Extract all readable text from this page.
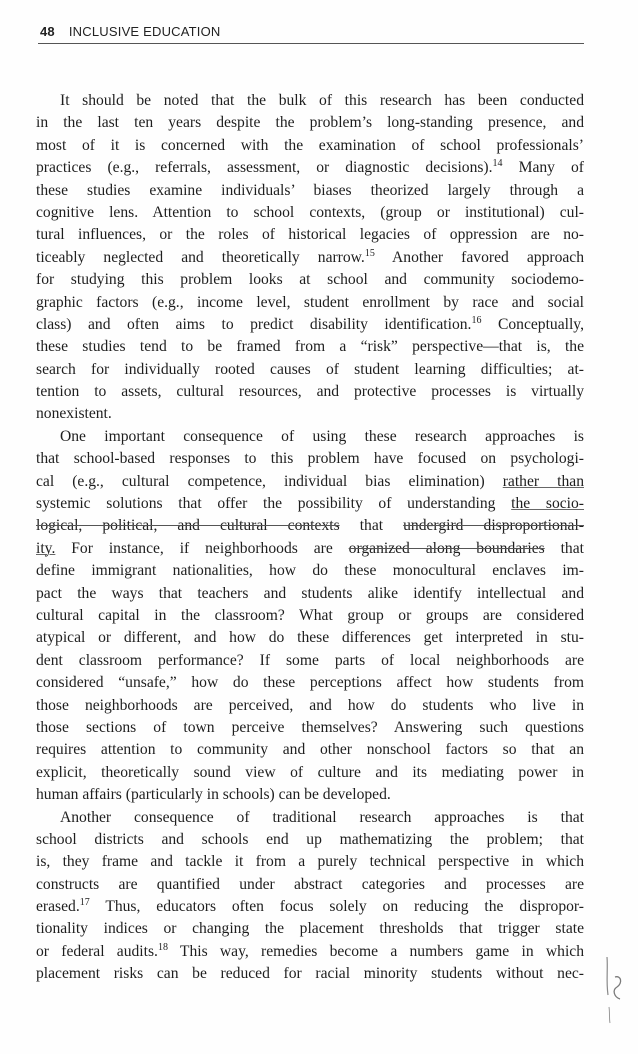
48 INCLUSIVE EDUCATION
It should be noted that the bulk of this research has been conducted
in the last ten years despite the problem’s long-standing presence, and
most of it is concerned with the examination of school professionals’
practices (e.g., referrals, assessment, or diagnostic decisions).$^{14}$ Many of
these studies examine individuals’ biases theorized largely through a
cognitive lens. Attention to school contexts, (group or institutional) cul-
tural influences, or the roles of historical legacies of oppression are no-
ticeably neglected and theoretically narrow.$^{15}$ Another favored approach
for studying this problem looks at school and community sociodemo-
graphic factors (e.g., income level, student enrollment by race and social
class) and often aims to predict disability identification.$^{16}$ Conceptually,
these studies tend to be framed from a “risk” perspective—that is, the
search for individually rooted causes of student learning difficulties; at-
tention to assets, cultural resources, and protective processes is virtually
nonexistent.
One important consequence of using these research approaches is
that school-based responses to this problem have focused on psychologi-
cal (e.g., cultural competence, individual bias elimination) rather than
systemic solutions that offer the possibility of understanding the socio-
logical, political, and cultural contexts that undergird disproportional-
ity. For instance, if neighborhoods are organized along boundaries that
define immigrant nationalities, how do these monocultural enclaves im-
pact the ways that teachers and students alike identify intellectual and
cultural capital in the classroom? What group or groups are considered
atypical or different, and how do these differences get interpreted in stu-
dent classroom performance? If some parts of local neighborhoods are
considered “unsafe,” how do these perceptions affect how students from
those neighborhoods are perceived, and how do students who live in
those sections of town perceive themselves? Answering such questions
requires attention to community and other nonschool factors so that an
explicit, theoretically sound view of culture and its mediating power in
human affairs (particularly in schools) can be developed.
Another consequence of traditional research approaches is that
school districts and schools end up mathematizing the problem; that
is, they frame and tackle it from a purely technical perspective in which
constructs are quantified under abstract categories and processes are
erased.$^{17}$ Thus, educators often focus solely on reducing the dispropor-
tionality indices or changing the placement thresholds that trigger state
or federal audits.$^{18}$ This way, remedies become a numbers game in which
placement risks can be reduced for racial minority students without nec-
